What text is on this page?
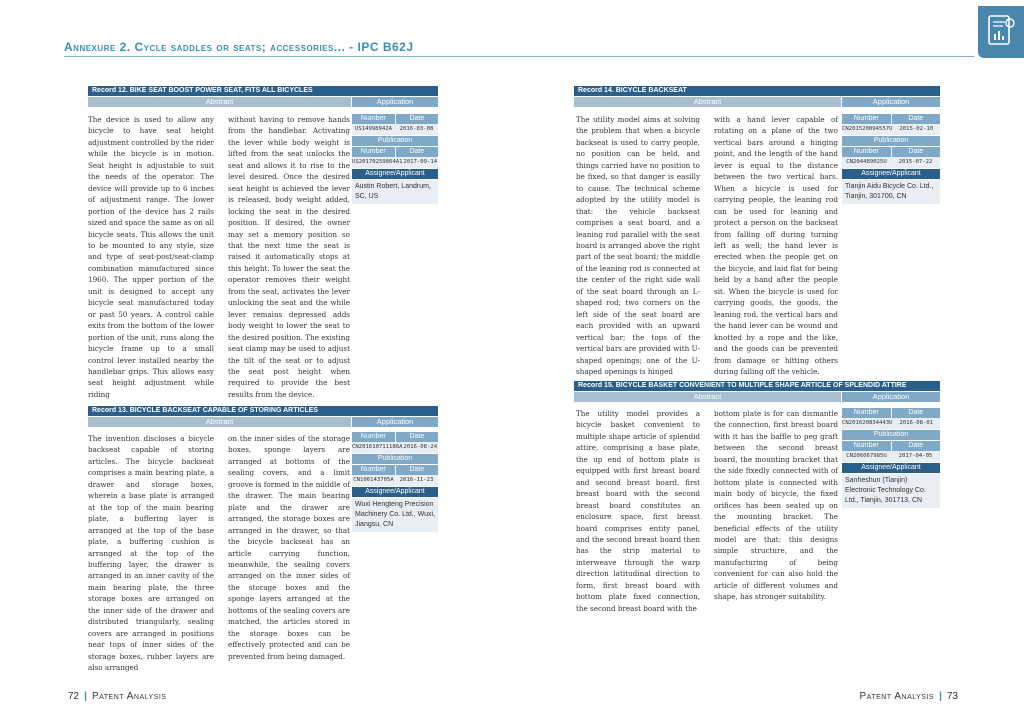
Annexure 2. Cycle saddles or seats; accessories... - IPC B62J
Record 12. BIKE SEAT BOOST POWER SEAT, FITS ALL BICYCLES
Abstract	Application
The device is used to allow any bicycle to have seat height adjustment controlled by the rider while the bicycle is in motion. Seat height is adjustable to suit the needs of the operator. The device will provide up to 6 inches of adjustment range. The lower portion of the device has 2 rails sized and space the same as on all bicycle seats. This allows the unit to be mounted to any style, size and type of seat-post/seat-clamp combination manufactured since 1960. The upper portion of the unit is designed to accept any bicycle seat manufactured today or past 50 years. A control cable exits from the bottom of the lower portion of the unit, runs along the bicycle frame up to a small control lever installed nearby the handlebar grips. This allows easy seat height adjustment while riding
without having to remove hands from the handlebar. Activating the lever while body weight is lifted from the seat unlocks the seat and allows it to rise to the level desired. Once the desired seat height is achieved the lever is released, body weight added, locking the seat in the desired position. If desired, the owner may set a memory position so that the next time the seat is raised it automatically stops at this height. To lower the seat the operator removes their weight from the seat, activates the lever unlocking the seat and the while lever remains depressed adds body weight to lower the seat to the desired position. The existing seat clamp may be used to adjust the tilt of the seat or to adjust the seat post height when required to provide the best results from the device.
Number	Date
US14998942A	2016-03-08
Publication
Number	Date
US20170259864A1 2017-09-14
Assignee/Applicant
Austin Robert, Landrum, SC, US
Record 13. BICYCLE BACKSEAT CAPABLE OF STORING ARTICLES
Abstract	Application
The invention discloses a bicycle backseat capable of storing articles. The bicycle backseat comprises a main bearing plate, a drawer and storage boxes, wherein a base plate is arranged at the top of the main bearing plate, a buffering layer is arranged at the top of the base plate, a buffering cushion is arranged at the top of the buffering layer, the drawer is arranged in an inner cavity of the main bearing plate, the three storage boxes are arranged on the inner side of the drawer and distributed triangularly, sealing covers are arranged in positions near tops of inner sides of the storage boxes, rubber layers are also arranged
on the inner sides of the storage boxes, sponge layers are arranged at bottoms of the sealing covers, and a limit groove is formed in the middle of the drawer. The main bearing plate and the drawer are arranged, the storage boxes are arranged in the drawer, so that the bicycle backseat has an article carrying function, meanwhile, the sealing covers arranged on the inner sides of the storage boxes and the sponge layers arranged at the bottoms of the sealing covers are matched, the articles stored in the storage boxes can be effectively protected and can be prevented from being damaged.
Number	Date
CN201610711186A 2016-08-24
Publication
Number	Date
CN106143705A	2016-11-23
Assignee/Applicant
Wuxi Hengteng Precision Machinery Co. Ltd., Wuxi, Jiangsu, CN
Record 14. BICYCLE BACKSEAT
Abstract	Application
The utility model aims at solving the problem that when a bicycle backseat is used to carry people, no position can be held, and things carried have no position to be fixed, so that danger is easilly to cause. The technical scheme adopted by the utility model is that: the vehicle backseat comprises a seat board, and a leaning rod parallel with the seat board is arranged above the right part of the seat board; the middle of the leaning rod is connected at the center of the right side wall of the seat board through an L-shaped rod; two corners on the left side of the seat board are each provided with an upward vertical bar; the tops of the vertical bars are provided with U-shaped openings; one of the U-shaped openings is hinged
with a hand lever capable of rotating on a plane of the two vertical bars around a hinging point, and the length of the hand lever is equal to the distance between the two vertical bars. When a bicycle is used for carrying people, the leaning rod can be used for leaning and protect a person on the backseat from falling off during turning left as well; the hand lever is erected when the people get on the bicycle, and laid flat for being held by a hand after the people sit. When the bicycle is used for carrying goods, the goods, the leaning rod, the vertical bars and the hand lever can be wound and knotted by a rope and the like, and the goods can be prevented from damage or hitting others during falling off the vehicle.
Number	Date
CN201520094557U	2015-02-10
Publication
Number	Date
CN204489025U	2015-07-22
Assignee/Applicant
Tianjin Aidu Bicycle Co. Ltd., Tianjin, 301700, CN
Record 15. BICYCLE BASKET CONVENIENT TO MULTIPLE SHAPE ARTICLE OF SPLENDID ATTIRE
Abstract	Application
The utility model provides a bicycle basket convenient to multiple shape article of splendid attire, comprising a base plate, the up end of bottom plate is equipped with first breast board and second breast board, first breast board with the second breast board constitutes an enclosure space, first breast board comprises entity panel, and the second breast board then has the strip material to interweave through the warp direction latitudinal direction to form, first breast board with bottom plate fixed connection, the second breast board with the
bottom plate is for can dismantle the connection, first breast board with it has the baffle to peg graft between the second breast board, the mounting bracket that the side fixedly connected with of bottom plate is connected with main body of bicycle, the fixed orifices has been seated up on the mounting bracket. The beneficial effects of the utility model are that: this designs simple structure, and the manufacturing of being convenient for can also hold the article of different volumes and shape, has stronger suitability.
Number	Date
CN201620834443U	2016-08-01
Publication
Number	Date
CN206067985U	2017-04-05
Assignee/Applicant
Sanheshun (Tianjin) Electronic Technology Co. Ltd., Tianjin, 301713, CN
72 | Patent Analysis	Patent Analysis | 73
